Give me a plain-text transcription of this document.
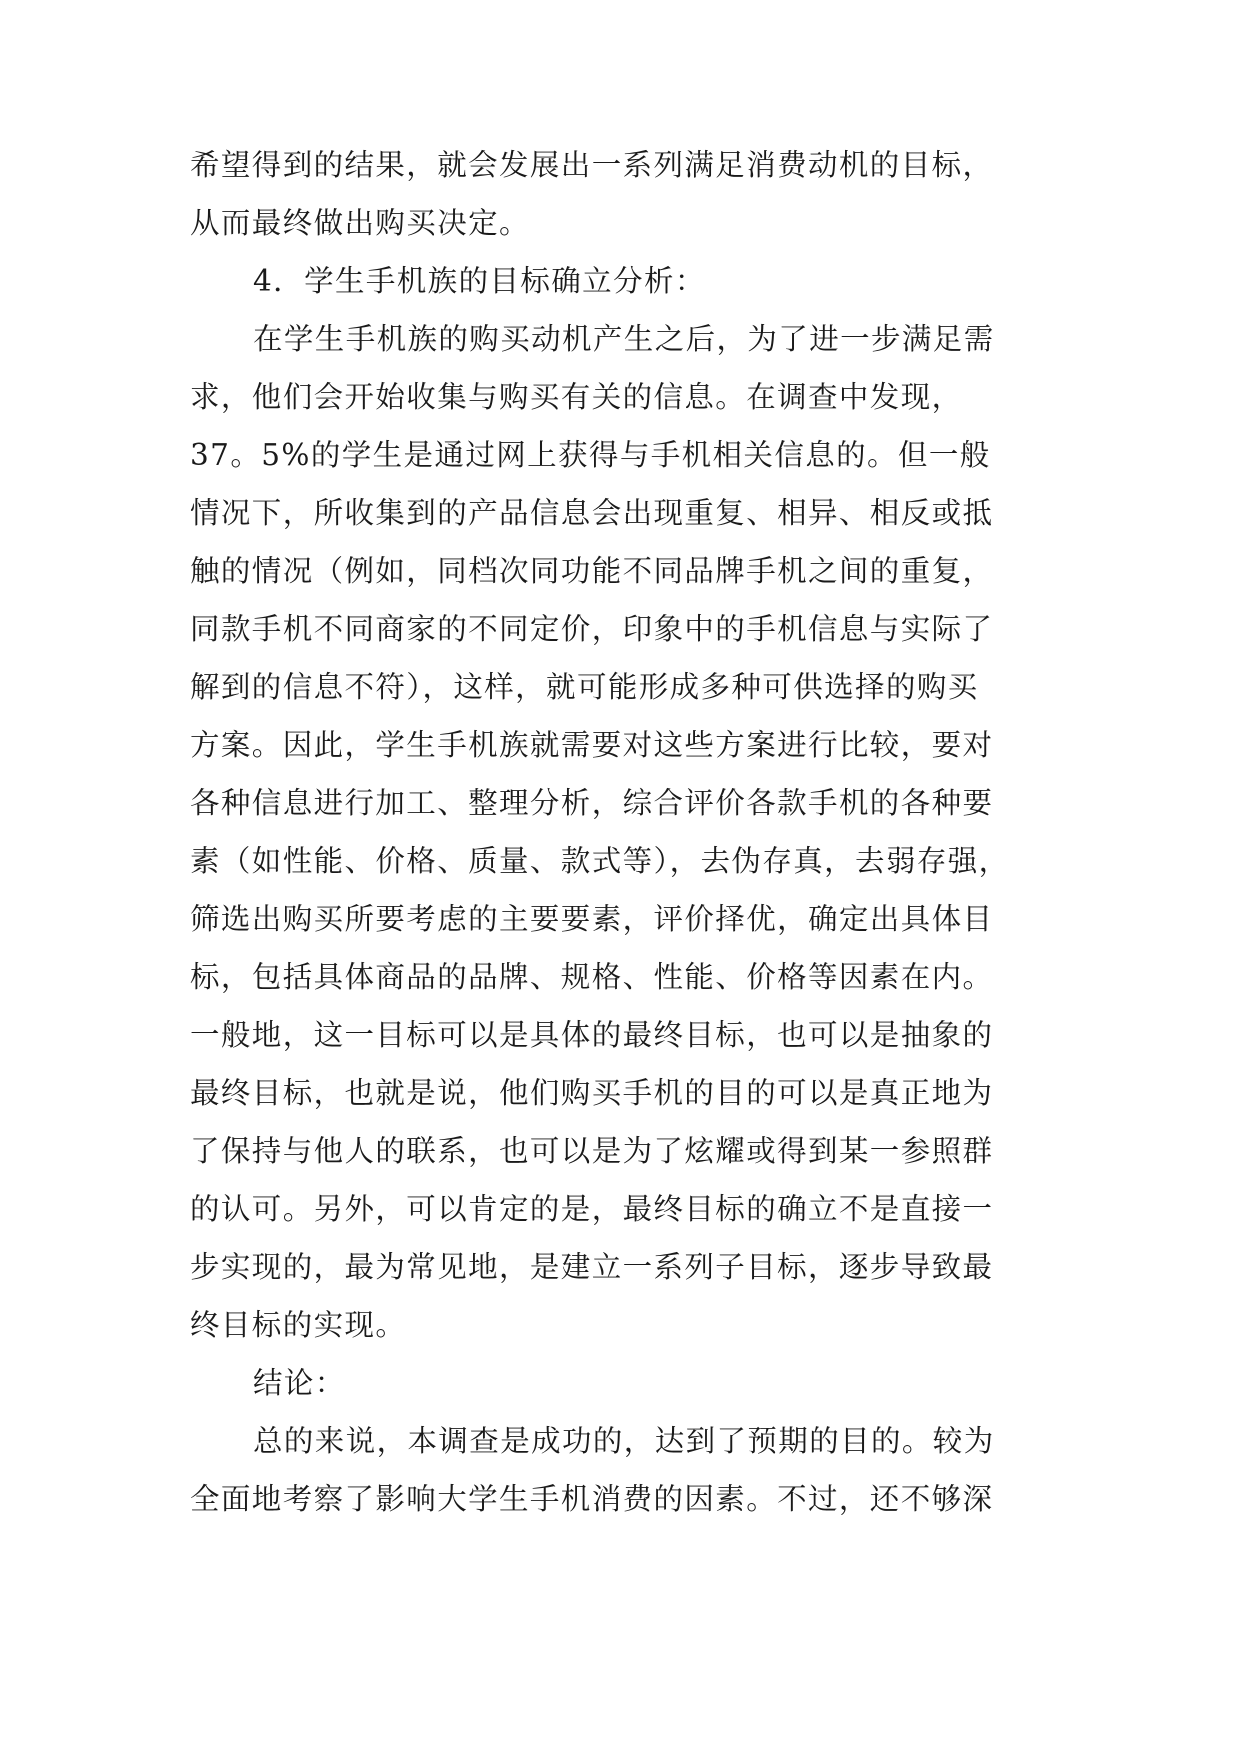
希望得到的结果，就会发展出一系列满足消费动机的目标，
从而最终做出购买决定。
4．学生手机族的目标确立分析：
在学生手机族的购买动机产生之后，为了进一步满足需
求，他们会开始收集与购买有关的信息。在调查中发现，
37。5%的学生是通过网上获得与手机相关信息的。但一般
情况下，所收集到的产品信息会出现重复、相异、相反或抵
触的情况（例如，同档次同功能不同品牌手机之间的重复，
同款手机不同商家的不同定价，印象中的手机信息与实际了
解到的信息不符），这样，就可能形成多种可供选择的购买
方案。因此，学生手机族就需要对这些方案进行比较，要对
各种信息进行加工、整理分析，综合评价各款手机的各种要
素（如性能、价格、质量、款式等），去伪存真，去弱存强，
筛选出购买所要考虑的主要要素，评价择优，确定出具体目
标，包括具体商品的品牌、规格、性能、价格等因素在内。
一般地，这一目标可以是具体的最终目标，也可以是抽象的
最终目标，也就是说，他们购买手机的目的可以是真正地为
了保持与他人的联系，也可以是为了炫耀或得到某一参照群
的认可。另外，可以肯定的是，最终目标的确立不是直接一
步实现的，最为常见地，是建立一系列子目标，逐步导致最
终目标的实现。
结论：
总的来说，本调查是成功的，达到了预期的目的。较为
全面地考察了影响大学生手机消费的因素。不过，还不够深
